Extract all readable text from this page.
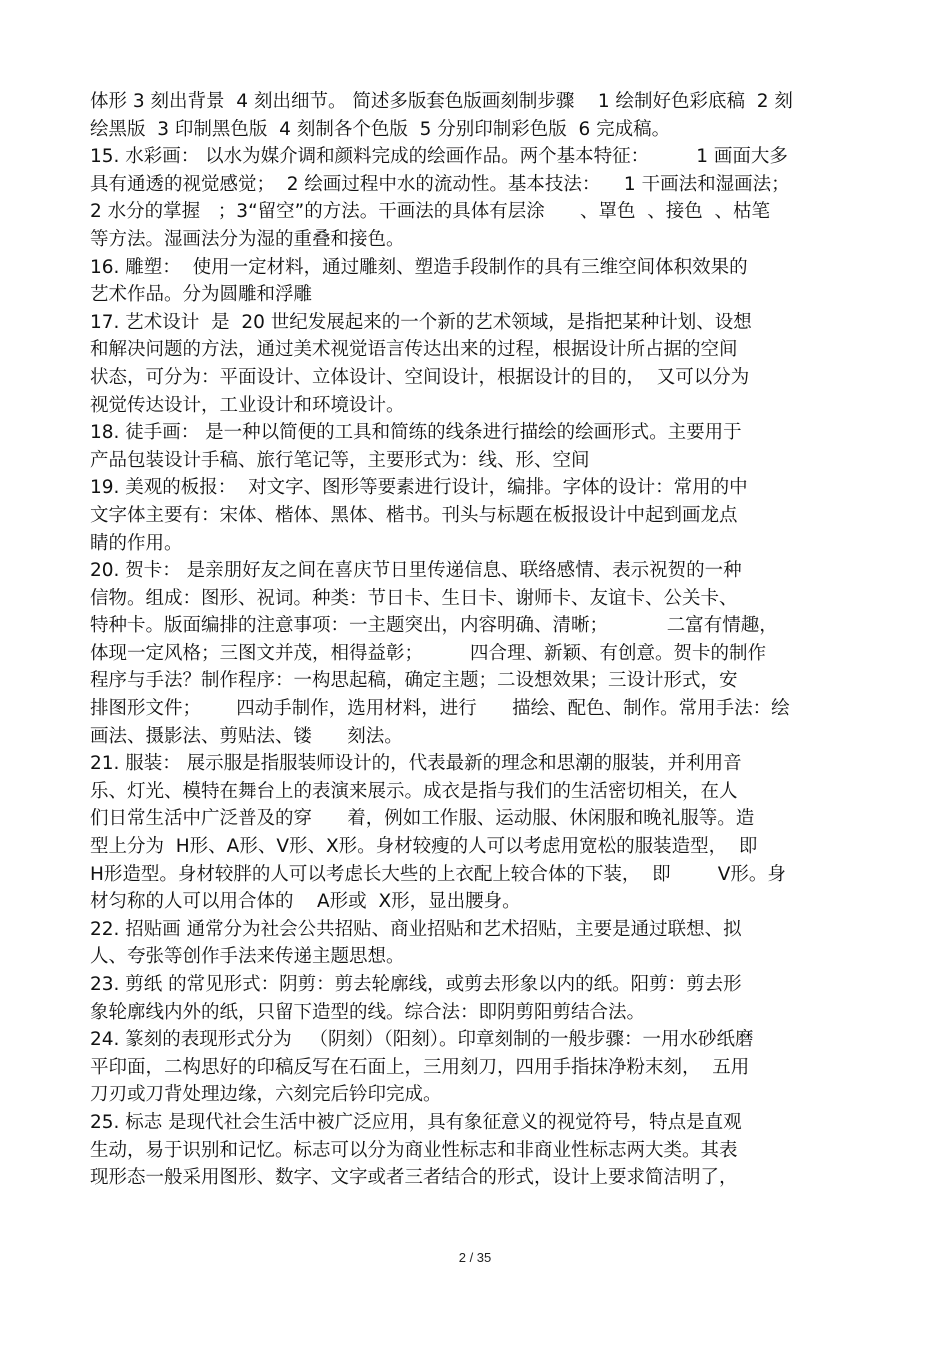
体形 3 刻出背景  4 刻出细节。 简述多版套色版画刻制步骤    1 绘制好色彩底稿  2 刻
绘黑版  3 印制黑色版  4 刻制各个色版  5 分别印制彩色版  6 完成稿。
15. 水彩画： 以水为媒介调和颜料完成的绘画作品。两个基本特征：        1 画面大多
具有通透的视觉感觉；  2 绘画过程中水的流动性。基本技法：    1 干画法和湿画法；
2 水分的掌握   ；3“留空”的方法。干画法的具体有层涂      、罩色  、接色  、枯笔
等方法。湿画法分为湿的重叠和接色。
16. 雕塑：  使用一定材料，通过雕刻、塑造手段制作的具有三维空间体积效果的
艺术作品。分为圆雕和浮雕
17. 艺术设计  是  20 世纪发展起来的一个新的艺术领域，是指把某种计划、设想
和解决问题的方法，通过美术视觉语言传达出来的过程，根据设计所占据的空间
状态，可分为：平面设计、立体设计、空间设计，根据设计的目的，  又可以分为
视觉传达设计，工业设计和环境设计。
18. 徒手画： 是一种以简便的工具和简练的线条进行描绘的绘画形式。主要用于
产品包装设计手稿、旅行笔记等，主要形式为：线、形、空间
19. 美观的板报：  对文字、图形等要素进行设计，编排。字体的设计：常用的中
文字体主要有：宋体、楷体、黑体、楷书。刊头与标题在板报设计中起到画龙点
睛的作用。
20. 贺卡： 是亲朋好友之间在喜庆节日里传递信息、联络感情、表示祝贺的一种
信物。组成：图形、祝词。种类：节日卡、生日卡、谢师卡、友谊卡、公关卡、
特种卡。版面编排的注意事项：一主题突出，内容明确、清晰；          二富有情趣，
体现一定风格；三图文并茂，相得益彰；        四合理、新颖、有创意。贺卡的制作
程序与手法？制作程序：一构思起稿，确定主题；二设想效果；三设计形式，安
排图形文件；      四动手制作，选用材料，进行      描绘、配色、制作。常用手法：绘
画法、摄影法、剪贴法、镂      刻法。
21. 服装： 展示服是指服装师设计的，代表最新的理念和思潮的服装，并利用音
乐、灯光、模特在舞台上的表演来展示。成衣是指与我们的生活密切相关，在人
们日常生活中广泛普及的穿      着，例如工作服、运动服、休闲服和晚礼服等。造
型上分为  H形、A形、V形、X形。身材较瘦的人可以考虑用宽松的服装造型，  即
H形造型。身材较胖的人可以考虑长大些的上衣配上较合体的下装，  即        V形。身
材匀称的人可以用合体的    A形或  X形，显出腰身。
22. 招贴画 通常分为社会公共招贴、商业招贴和艺术招贴，主要是通过联想、拟
人、夸张等创作手法来传递主题思想。
23. 剪纸 的常见形式：阴剪：剪去轮廓线，或剪去形象以内的纸。阳剪：剪去形
象轮廓线内外的纸，只留下造型的线。综合法：即阴剪阳剪结合法。
24. 篆刻的表现形式分为   （阴刻）（阳刻）。印章刻制的一般步骤：一用水砂纸磨
平印面，二构思好的印稿反写在石面上，三用刻刀，四用手指抹净粉末刻，  五用
刀刃或刀背处理边缘，六刻完后钤印完成。
25. 标志 是现代社会生活中被广泛应用，具有象征意义的视觉符号，特点是直观
生动，易于识别和记忆。标志可以分为商业性标志和非商业性标志两大类。其表
现形态一般采用图形、数字、文字或者三者结合的形式，设计上要求简洁明了，
2 / 35
